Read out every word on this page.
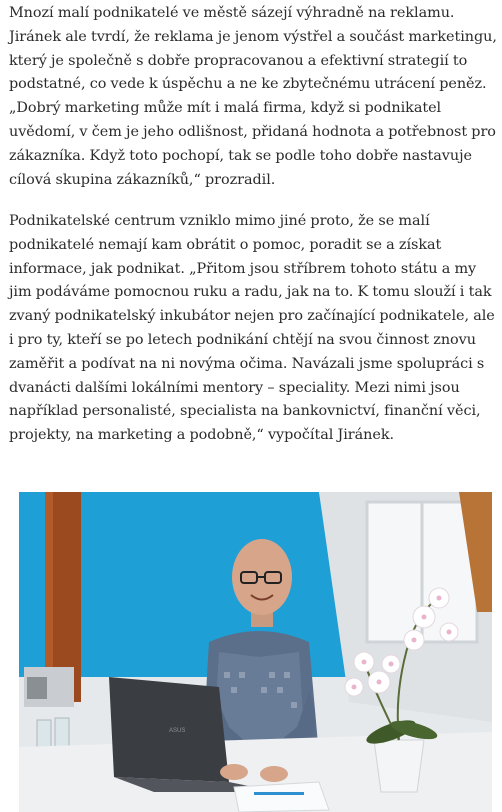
Mnozí malí podnikatelé ve městě sázejí výhradně na reklamu. Jiránek ale tvrdí, že reklama je jenom výstřel a součást marketingu, který je společně s dobře propracovanou a efektivní strategií to podstatné, co vede k úspěchu a ne ke zbytečnému utrácení peněz. „Dobrý marketing může mít i malá firma, když si podnikatel uvědomí, v čem je jeho odlišnost, přidaná hodnota a potřebnost pro zákazníka. Když toto pochopí, tak se podle toho dobře nastavuje cílová skupina zákazníků,“ prozradil.

Podnikatelské centrum vzniklo mimo jiné proto, že se malí podnikatelé nemají kam obrátit o pomoc, poradit se a získat informace, jak podnikat. „Přitom jsou stříbrem tohoto státu a my jim podáváme pomocnou ruku a radu, jak na to. K tomu slouží i tak zvaný podnikatelský inkubátor nejen pro začínající podnikatele, ale i pro ty, kteří se po letech podnikání chtějí na svou činnost znovu zaměřit a podívat na ni novýma očima. Navázali jsme spolupráci s dvanácti dalšími lokálními mentory – speciality. Mezi nimi jsou například personalisté, specialista na bankovnictví, finanční věci, projekty, na marketing a podobně,“ vypočítal Jiránek.

ASUS
